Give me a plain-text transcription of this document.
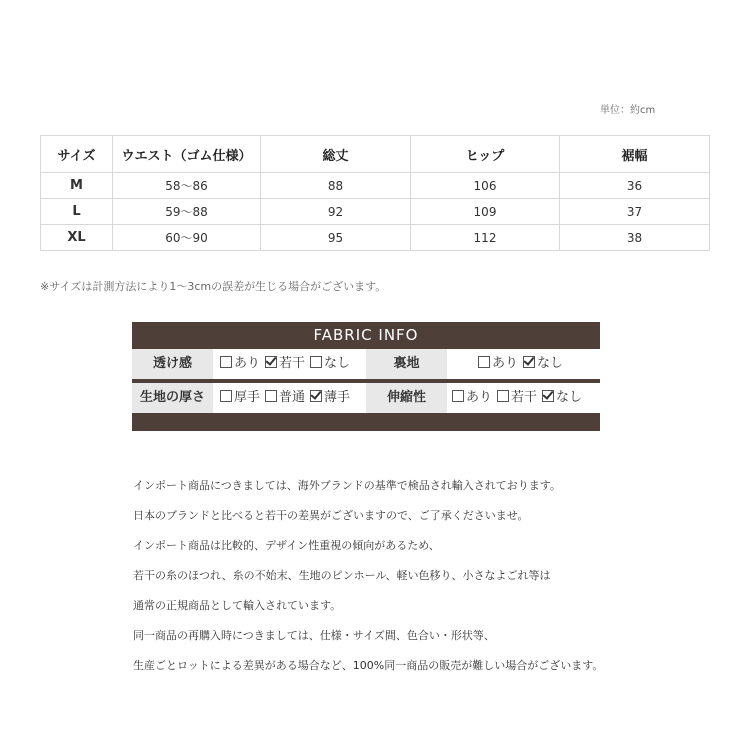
単位：約cm
サイズ	ウエスト（ゴム仕様）	総丈	ヒップ	裾幅
M	58〜86	88	106	36
L	59〜88	92	109	37
XL	60〜90	95	112	38
※サイズは計測方法により1〜3cmの誤差が生じる場合がございます。
FABRIC INFO
透け感	あり 若干 なし	裏地	あり なし
生地の厚さ	厚手 普通 薄手	伸縮性	あり 若干 なし
インポート商品につきましては、海外ブランドの基準で検品され輸入されております。
日本のブランドと比べると若干の差異がございますので、ご了承くださいませ。
インポート商品は比較的、デザイン性重視の傾向があるため、
若干の糸のほつれ、糸の不始末、生地のピンホール、軽い色移り、小さなよごれ等は
通常の正規商品として輸入されています。
同一商品の再購入時につきましては、仕様・サイズ間、色合い・形状等、
生産ごとロットによる差異がある場合など、100%同一商品の販売が難しい場合がございます。
